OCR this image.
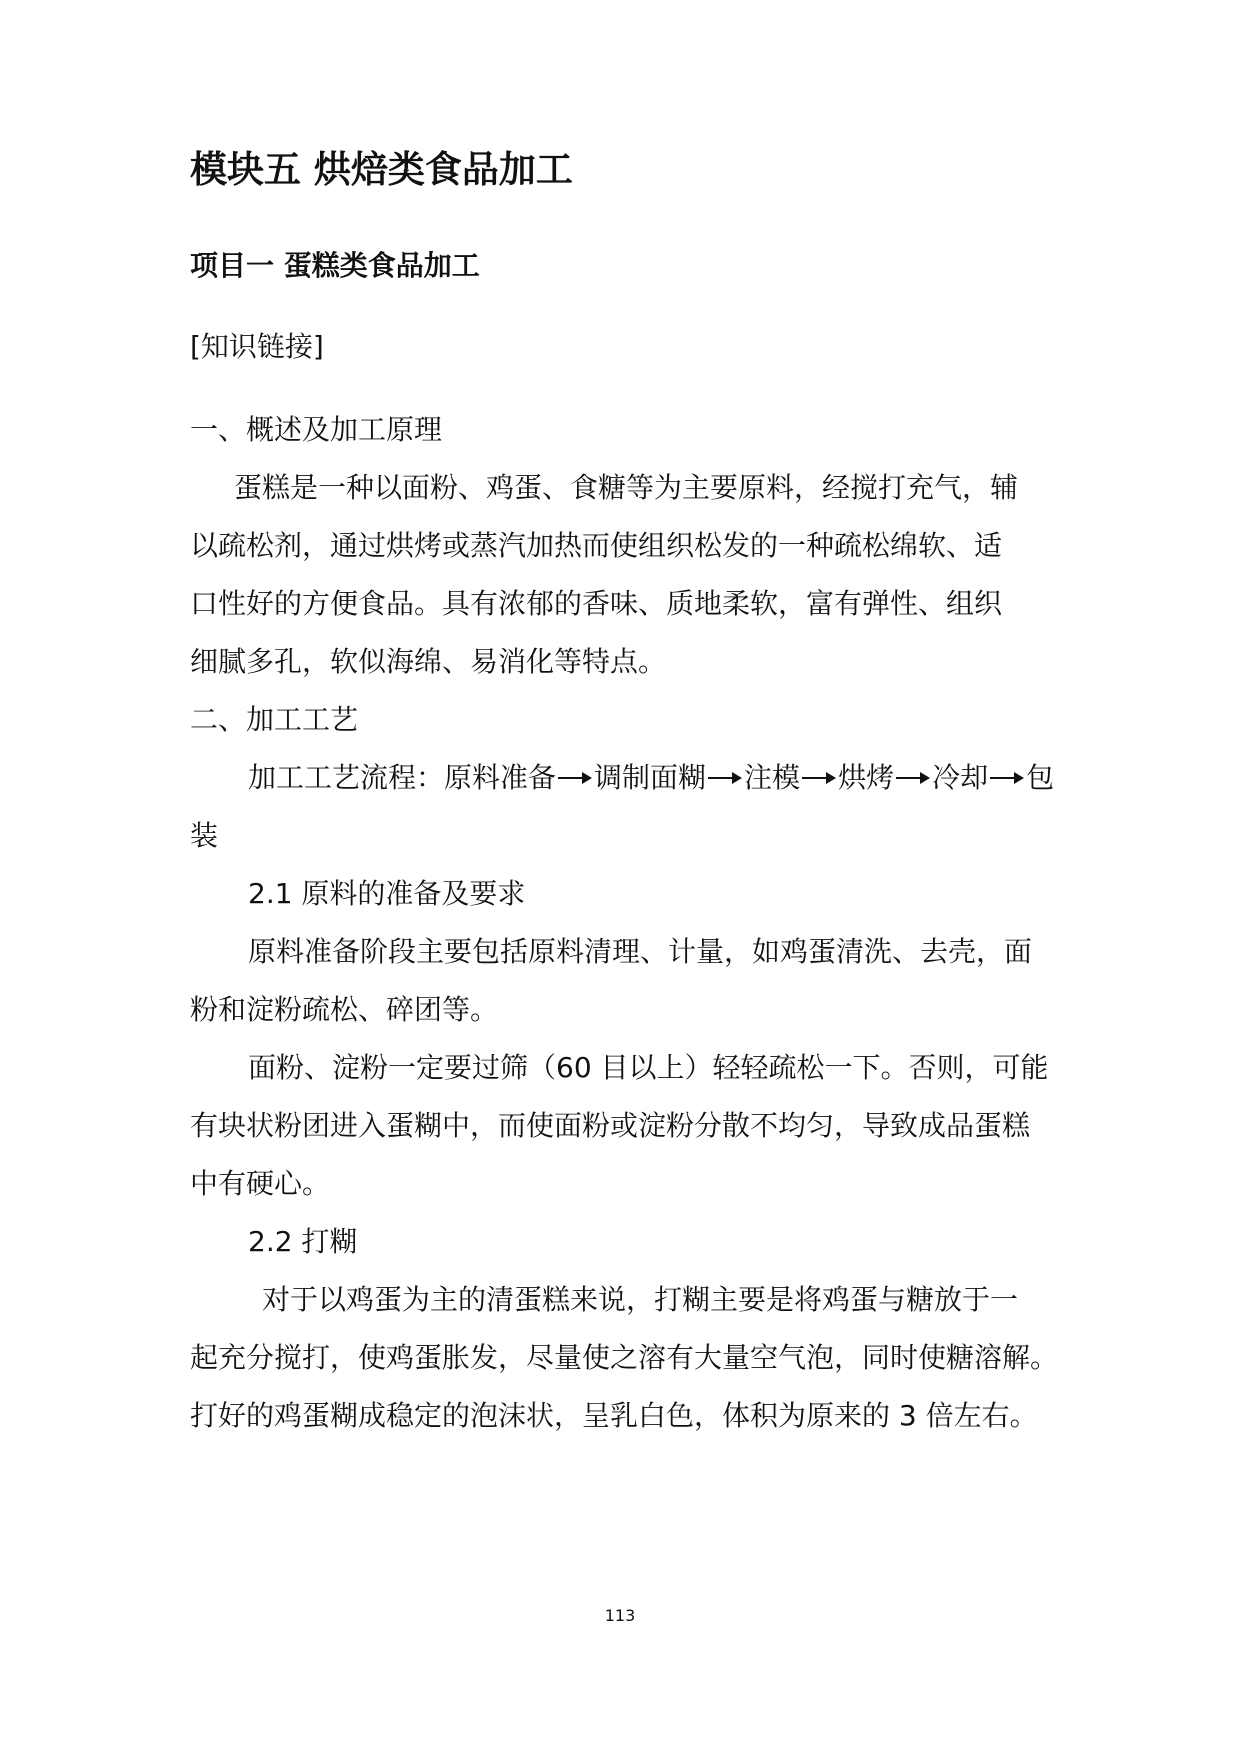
模块五 烘焙类食品加工
项目一 蛋糕类食品加工
[知识链接]
一、概述及加工原理
蛋糕是一种以面粉、鸡蛋、食糖等为主要原料，经搅打充气，辅
以疏松剂，通过烘烤或蒸汽加热而使组织松发的一种疏松绵软、适
口性好的方便食品。具有浓郁的香味、质地柔软，富有弹性、组织
细腻多孔，软似海绵、易消化等特点。
二、加工工艺
加工工艺流程： 原料准备 调制面糊 注模 烘烤 冷却 包
装
2.1 原料的准备及要求
原料准备阶段主要包括原料清理、计量，如鸡蛋清洗、去壳，面
粉和淀粉疏松、碎团等。
面粉、淀粉一定要过筛（60 目以上）轻轻疏松一下。否则，可能
有块状粉团进入蛋糊中，而使面粉或淀粉分散不均匀，导致成品蛋糕
中有硬心。
2.2 打糊
对于以鸡蛋为主的清蛋糕来说，打糊主要是将鸡蛋与糖放于一
起充分搅打，使鸡蛋胀发，尽量使之溶有大量空气泡，同时使糖溶解。
打好的鸡蛋糊成稳定的泡沫状，呈乳白色，体积为原来的 3 倍左右。
113
